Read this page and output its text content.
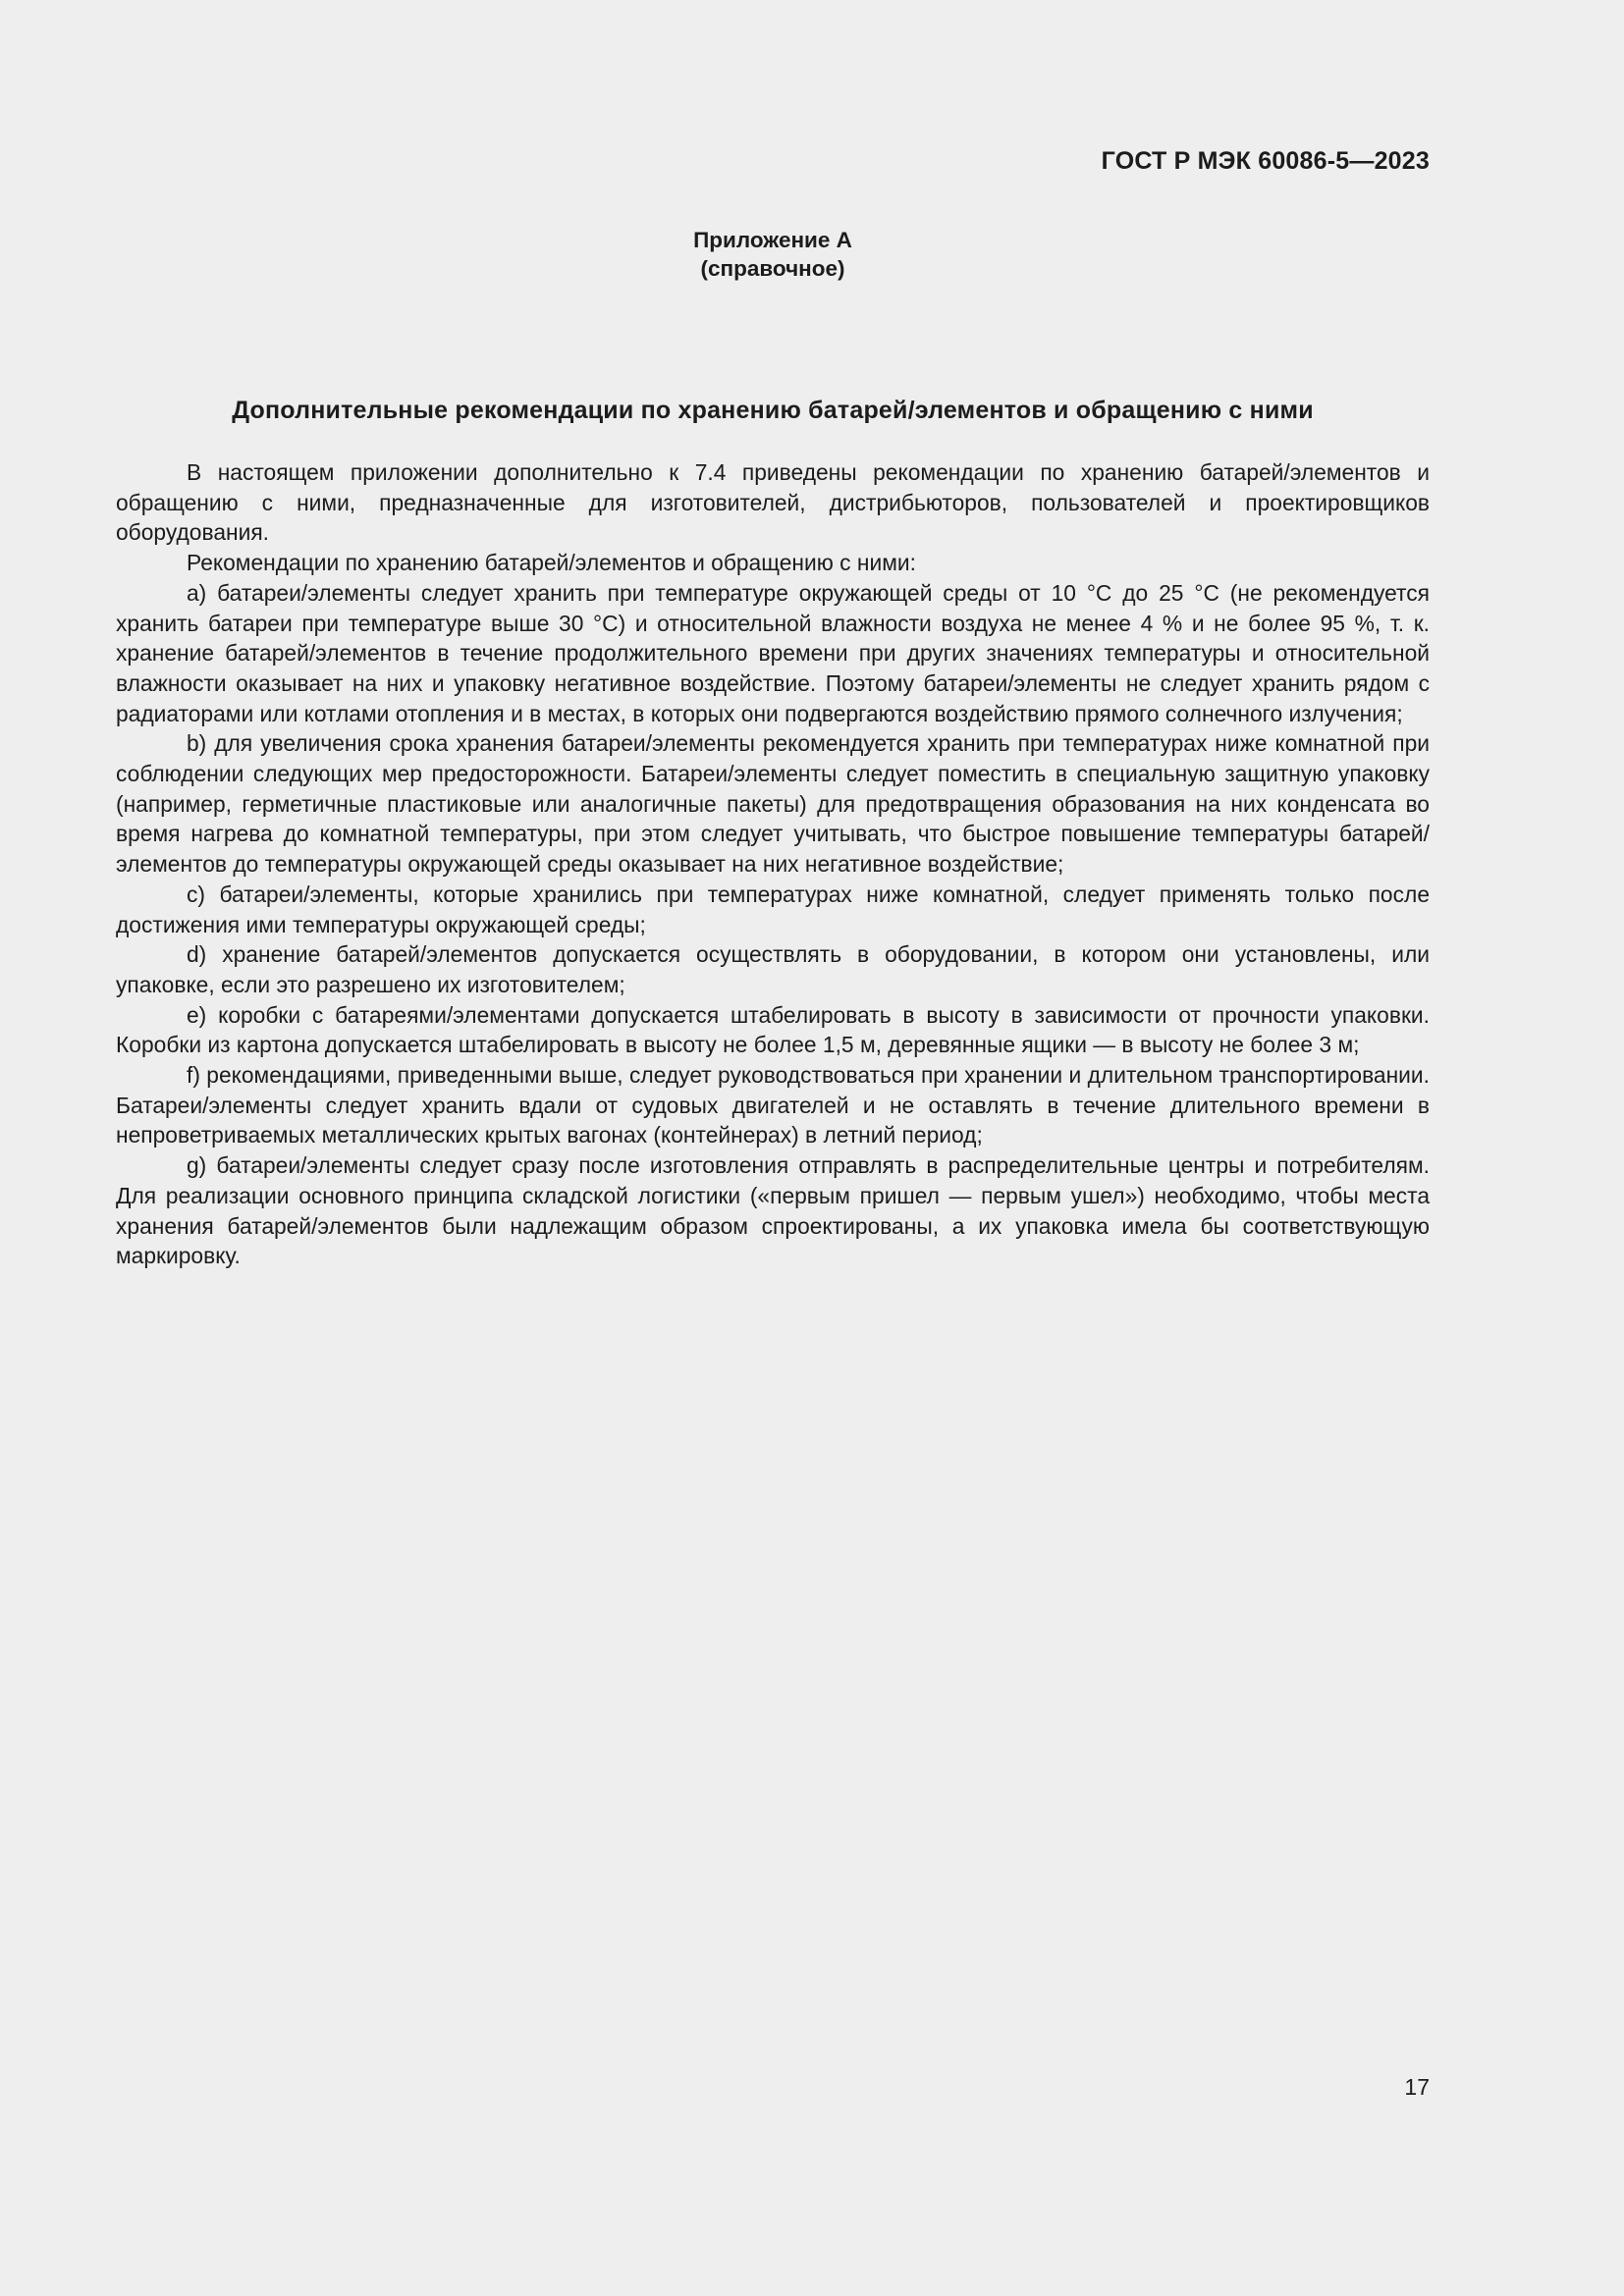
ГОСТ Р МЭК 60086-5—2023
Приложение А
(справочное)
Дополнительные рекомендации по хранению батарей/элементов и обращению с ними

В настоящем приложении дополнительно к 7.4 приведены рекомендации по хранению батарей/элементов и обращению с ними, предназначенные для изготовителей, дистрибьюторов, пользователей и проектировщиков оборудования.

Рекомендации по хранению батарей/элементов и обращению с ними:

a) батареи/элементы следует хранить при температуре окружающей среды от 10 °С до 25 °С (не рекомендуется хранить батареи при температуре выше 30 °С) и относительной влажности воздуха не менее 4 % и не более 95 %, т. к. хранение батарей/элементов в течение продолжительного времени при других значениях температуры и относительной влажности оказывает на них и упаковку негативное воздействие. Поэтому батареи/элементы не следует хранить рядом с радиаторами или котлами отопления и в местах, в которых они подвергаются воздействию прямого солнечного излучения;

b) для увеличения срока хранения батареи/элементы рекомендуется хранить при температурах ниже комнатной при соблюдении следующих мер предосторожности. Батареи/элементы следует поместить в специальную защитную упаковку (например, герметичные пластиковые или аналогичные пакеты) для предотвращения образования на них конденсата во время нагрева до комнатной температуры, при этом следует учитывать, что быстрое повышение температуры батарей/элементов до температуры окружающей среды оказывает на них негативное воздействие;

c) батареи/элементы, которые хранились при температурах ниже комнатной, следует применять только после достижения ими температуры окружающей среды;

d) хранение батарей/элементов допускается осуществлять в оборудовании, в котором они установлены, или упаковке, если это разрешено их изготовителем;

e) коробки с батареями/элементами допускается штабелировать в высоту в зависимости от прочности упаковки. Коробки из картона допускается штабелировать в высоту не более 1,5 м, деревянные ящики — в высоту не более 3 м;

f) рекомендациями, приведенными выше, следует руководствоваться при хранении и длительном транспортировании. Батареи/элементы следует хранить вдали от судовых двигателей и не оставлять в течение длительного времени в непроветриваемых металлических крытых вагонах (контейнерах) в летний период;

g) батареи/элементы следует сразу после изготовления отправлять в распределительные центры и потребителям. Для реализации основного принципа складской логистики («первым пришел — первым ушел») необходимо, чтобы места хранения батарей/элементов были надлежащим образом спроектированы, а их упаковка имела бы соответствующую маркировку.

17
